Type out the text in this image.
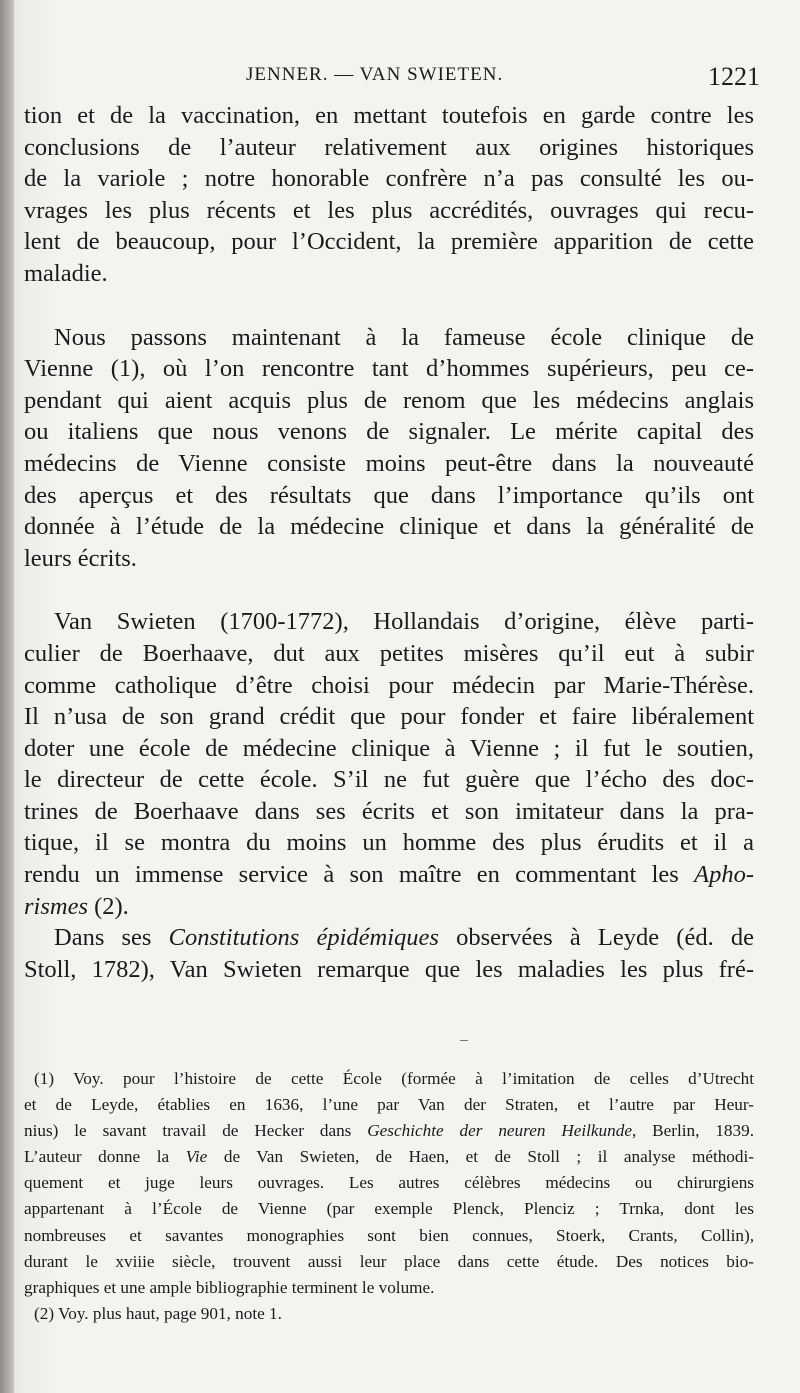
JENNER. — VAN SWIETEN.	1221

tion et de la vaccination, en mettant toutefois en garde contre les
conclusions de l’auteur relativement aux origines historiques
de la variole ; notre honorable confrère n’a pas consulté les ou-
vrages les plus récents et les plus accrédités, ouvrages qui recu-
lent de beaucoup, pour l’Occident, la première apparition de cette
maladie.

Nous passons maintenant à la fameuse école clinique de
Vienne (1), où l’on rencontre tant d’hommes supérieurs, peu ce-
pendant qui aient acquis plus de renom que les médecins anglais
ou italiens que nous venons de signaler. Le mérite capital des
médecins de Vienne consiste moins peut-être dans la nouveauté
des aperçus et des résultats que dans l’importance qu’ils ont
donnée à l’étude de la médecine clinique et dans la généralité de
leurs écrits.

Van Swieten (1700-1772), Hollandais d’origine, élève parti-
culier de Boerhaave, dut aux petites misères qu’il eut à subir
comme catholique d’être choisi pour médecin par Marie-Thérèse.
Il n’usa de son grand crédit que pour fonder et faire libéralement
doter une école de médecine clinique à Vienne ; il fut le soutien,
le directeur de cette école. S’il ne fut guère que l’écho des doc-
trines de Boerhaave dans ses écrits et son imitateur dans la pra-
tique, il se montra du moins un homme des plus érudits et il a
rendu un immense service à son maître en commentant les Apho-
rismes (2).

Dans ses Constitutions épidémiques observées à Leyde (éd. de
Stoll, 1782), Van Swieten remarque que les maladies les plus fré-

(1) Voy. pour l’histoire de cette École (formée à l’imitation de celles d’Utrecht
et de Leyde, établies en 1636, l’une par Van der Straten, et l’autre par Heur-
nius) le savant travail de Hecker dans Geschichte der neuren Heilkunde, Berlin, 1839.
L’auteur donne la Vie de Van Swieten, de Haen, et de Stoll ; il analyse méthodi-
quement et juge leurs ouvrages. Les autres célèbres médecins ou chirurgiens
appartenant à l’École de Vienne (par exemple Plenck, Plenciz ; Trnka, dont les
nombreuses et savantes monographies sont bien connues, Stoerk, Crants, Collin),
durant le xviiie siècle, trouvent aussi leur place dans cette étude. Des notices bio-
graphiques et une ample bibliographie terminent le volume.
(2) Voy. plus haut, page 901, note 1.
